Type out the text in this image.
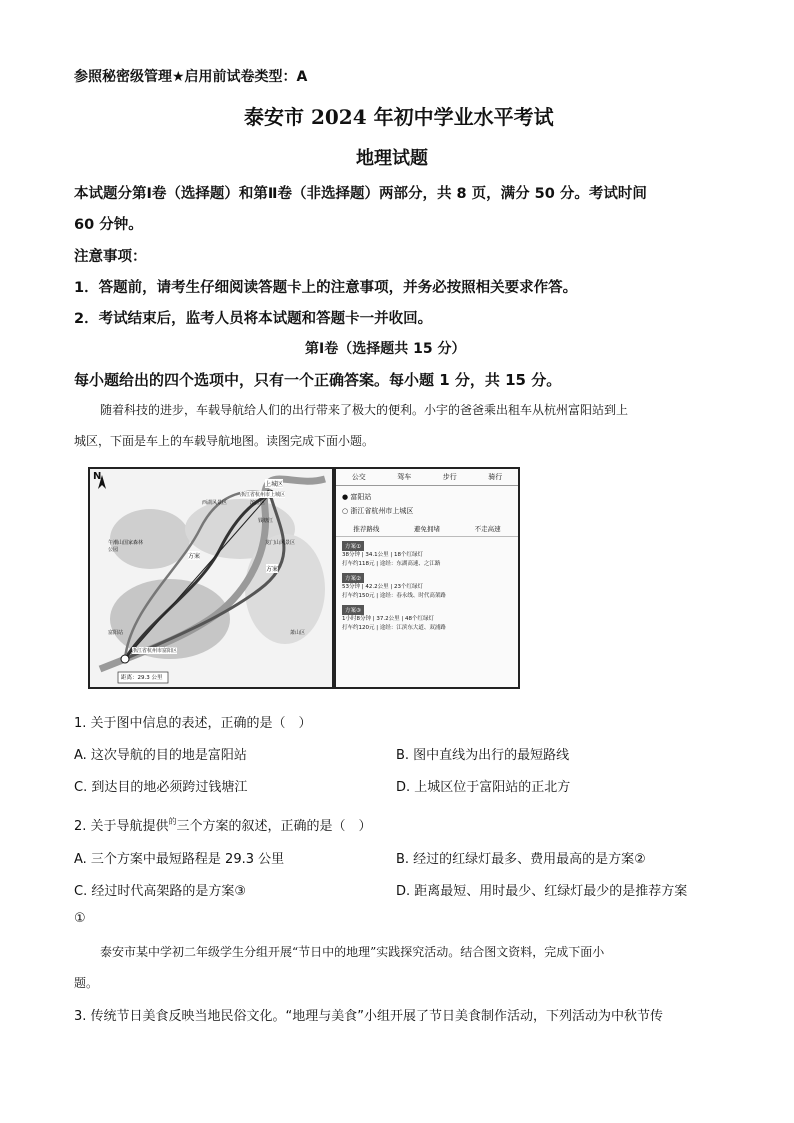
参照秘密级管理★启用前试卷类型：A
泰安市 2024 年初中学业水平考试
地理试题
本试题分第Ⅰ卷（选择题）和第Ⅱ卷（非选择题）两部分，共 8 页，满分 50 分。考试时间
60 分钟。
注意事项：
1．答题前，请考生仔细阅读答题卡上的注意事项，并务必按照相关要求作答。
2．考试结束后，监考人员将本试题和答题卡一并收回。
第Ⅰ卷（选择题共 15 分）
每小题给出的四个选项中，只有一个正确答案。每小题 1 分，共 15 分。
随着科技的进步，车载导航给人们的出行带来了极大的便利。小宇的爸爸乘出租车从杭州富阳站到上
城区，下面是车上的车载导航地图。读图完成下面小题。
N
上城区
西湖风景区
浙江省杭州市上城区
滨江区
午潮山国家森林公园
龙门山风景区
方案
方案
浙江省杭州市富阳区
富阳站
距离：29.3 公里
萧山区
钱塘江
公交	驾车	步行	骑行
● 富阳站
○ 浙江省杭州市上城区
推荐路线	避免拥堵	不走高速
方案①
38分钟 | 34.1公里 | 18个红绿灯
打车约118元 | 途经：东湖高速、之江路
方案②
53分钟 | 42.2公里 | 23个红绿灯
打车约150元 | 途经：春永线、时代高架路
方案③
1小时8分钟 | 37.2公里 | 48个红绿灯
打车约120元 | 途经：江滨东大道、双浦路
1. 关于图中信息的表述，正确的是（　）
A. 这次导航的目的地是富阳站	B. 图中直线为出行的最短路线
C. 到达目的地必须跨过钱塘江	D. 上城区位于富阳站的正北方
2. 关于导航提供$^的$三个方案的叙述，正确的是（　）
A. 三个方案中最短路程是 29.3 公里	B. 经过的红绿灯最多、费用最高的是方案②
C. 经过时代高架路的是方案③	D. 距离最短、用时最少、红绿灯最少的是推荐方案
①
泰安市某中学初二年级学生分组开展“节日中的地理”实践探究活动。结合图文资料，完成下面小
题。
3. 传统节日美食反映当地民俗文化。“地理与美食”小组开展了节日美食制作活动，下列活动为中秋节传
